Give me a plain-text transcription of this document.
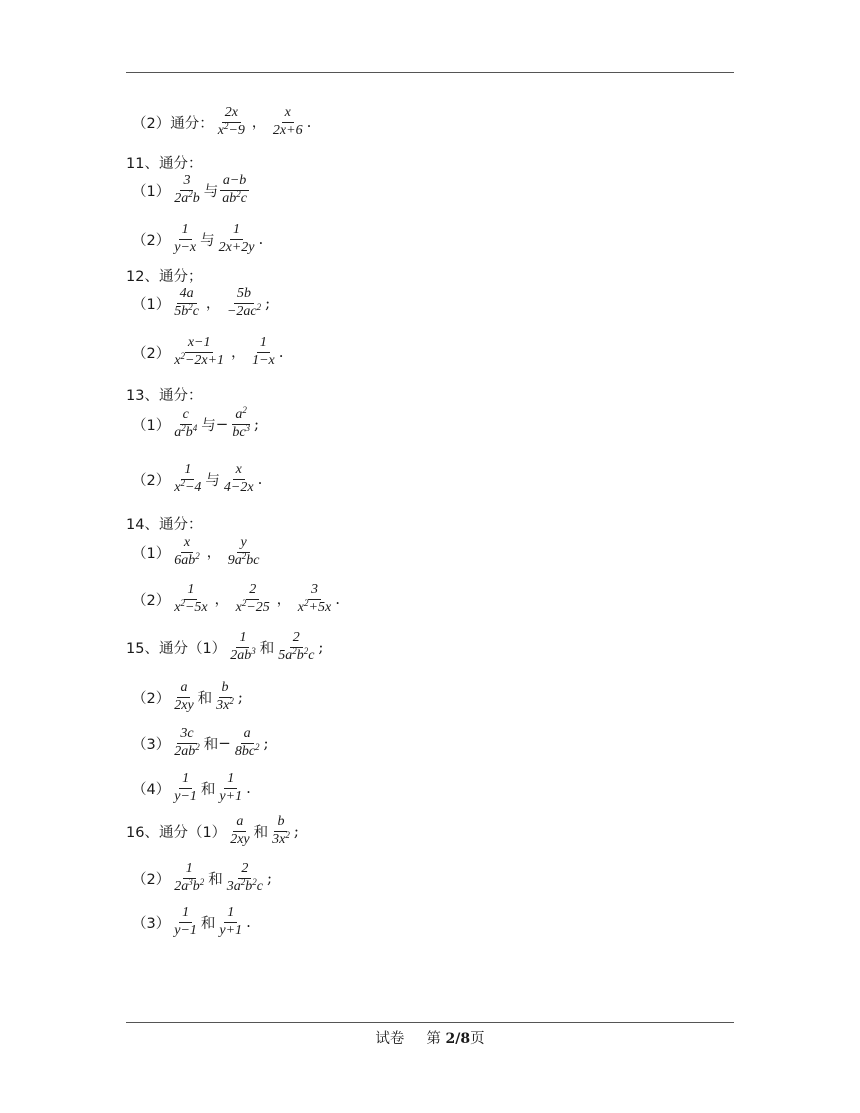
（2）通分： $\frac{2x}{x^2-9}$ ， $\frac{x}{2x+6}$ .
11、通分：
$(1) \frac{3}{2a^2b}$ 与 $\frac{a-b}{ab^2c}$
$(2) \frac{1}{y-x}$ 与 $\frac{1}{2x+2y}$ .
12、通分；
$(1) \frac{4a}{5b^2c}$ ， $\frac{5b}{-2ac^2}$ ;
$(2) \frac{x-1}{x^2-2x+1}$ ， $\frac{1}{1-x}$ .
13、通分：
$(1) \frac{c}{a^2b^4}$ 与 − $\frac{a^2}{bc^3}$ ;
$(2) \frac{1}{x^2-4}$ 与 $\frac{x}{4-2x}$ .
14、通分：
$(1) \frac{x}{6ab^2}$ ， $\frac{y}{9a^2bc}$
$(2) \frac{1}{x^2-5x}$ ， $\frac{2}{x^2-25}$ ， $\frac{3}{x^2+5x}$ .
15、通分$(1) \frac{1}{2ab^3}$ 和 $\frac{2}{5a^2b^2c}$ ;
$(2) \frac{a}{2xy}$ 和 $\frac{b}{3x^2}$ ;
$(3) \frac{3c}{2ab^2}$ 和 − $\frac{a}{8bc^2}$ ;
$(4) \frac{1}{y-1}$ 和 $\frac{1}{y+1}$ .
16、通分$(1) \frac{a}{2xy}$ 和 $\frac{b}{3x^2}$ ;
$(2) \frac{1}{2a^3b^2}$ 和 $\frac{2}{3a^2b^2c}$ ;
$(3) \frac{1}{y-1}$ 和 $\frac{1}{y+1}$ .
试卷 第 2/8页
